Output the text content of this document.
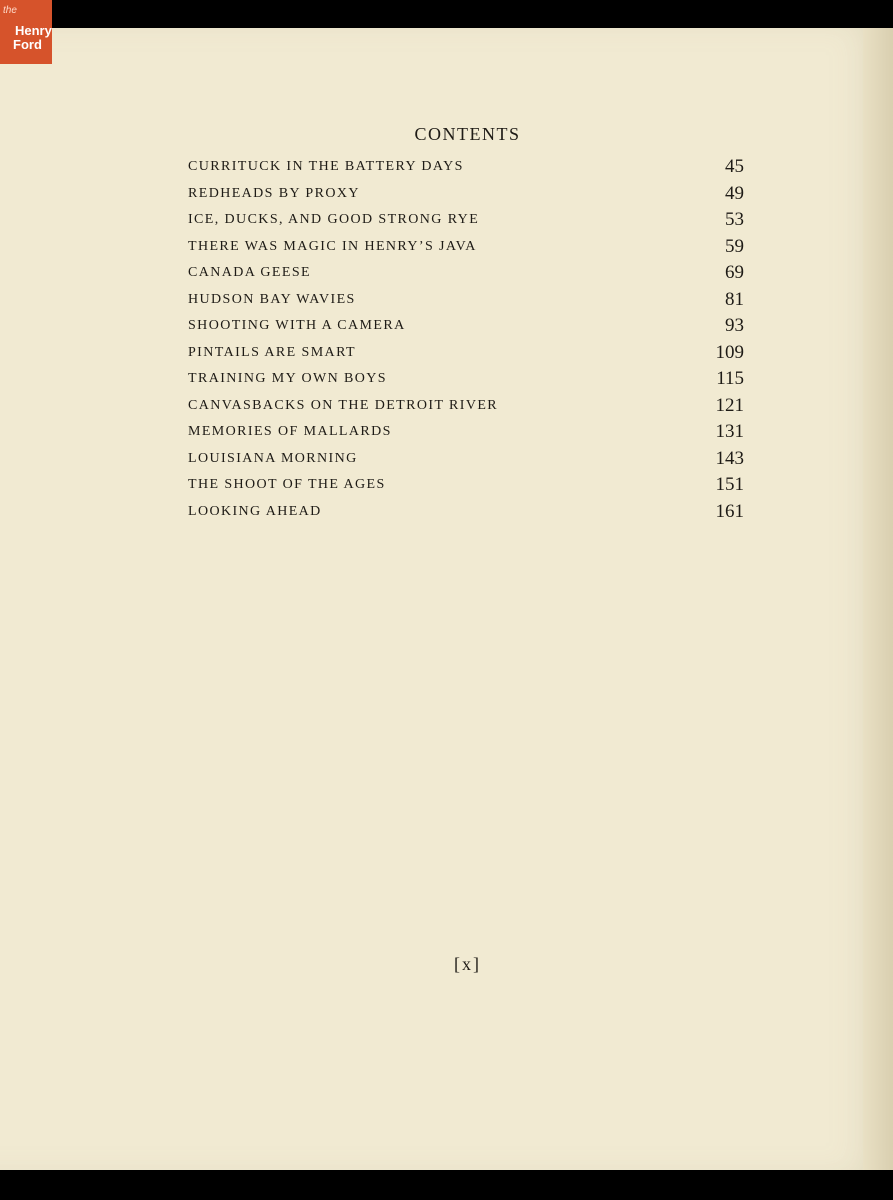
the
Henry
Ford
CONTENTS
CURRITUCK IN THE BATTERY DAYS	45
REDHEADS BY PROXY	49
ICE, DUCKS, AND GOOD STRONG RYE	53
THERE WAS MAGIC IN HENRY’S JAVA	59
CANADA GEESE	69
HUDSON BAY WAVIES	81
SHOOTING WITH A CAMERA	93
PINTAILS ARE SMART	109
TRAINING MY OWN BOYS	115
CANVASBACKS ON THE DETROIT RIVER	121
MEMORIES OF MALLARDS	131
LOUISIANA MORNING	143
THE SHOOT OF THE AGES	151
LOOKING AHEAD	161
[x]
